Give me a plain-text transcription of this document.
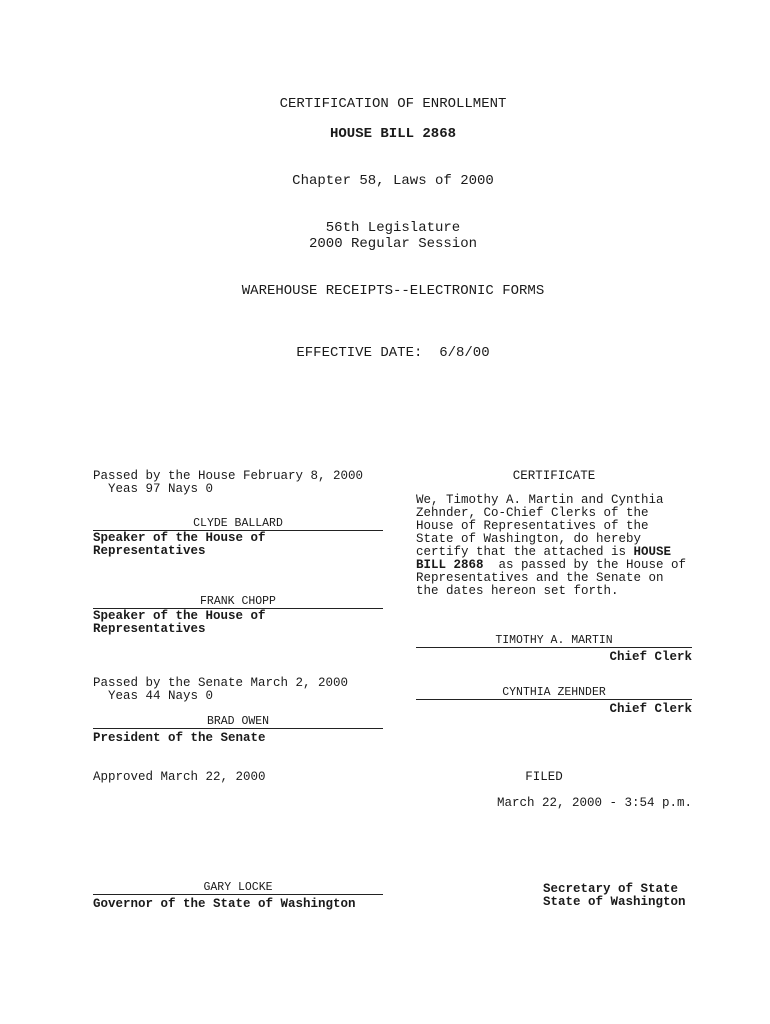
CERTIFICATION OF ENROLLMENT
HOUSE BILL 2868
Chapter 58, Laws of 2000
56th Legislature
2000 Regular Session
WAREHOUSE RECEIPTS--ELECTRONIC FORMS
EFFECTIVE DATE: 6/8/00
Passed by the House February 8, 2000
Yeas 97 Nays 0
CLYDE BALLARD
Speaker of the House of
Representatives
FRANK CHOPP
Speaker of the House of
Representatives
Passed by the Senate March 2, 2000
Yeas 44 Nays 0
BRAD OWEN
President of the Senate
Approved March 22, 2000
GARY LOCKE
Governor of the State of Washington
CERTIFICATE
We, Timothy A. Martin and Cynthia
Zehnder, Co-Chief Clerks of the
House of Representatives of the
State of Washington, do hereby
certify that the attached is HOUSE
BILL 2868  as passed by the House of
Representatives and the Senate on
the dates hereon set forth.
TIMOTHY A. MARTIN
Chief Clerk
CYNTHIA ZEHNDER
Chief Clerk
FILED
March 22, 2000 - 3:54 p.m.
Secretary of State
State of Washington
